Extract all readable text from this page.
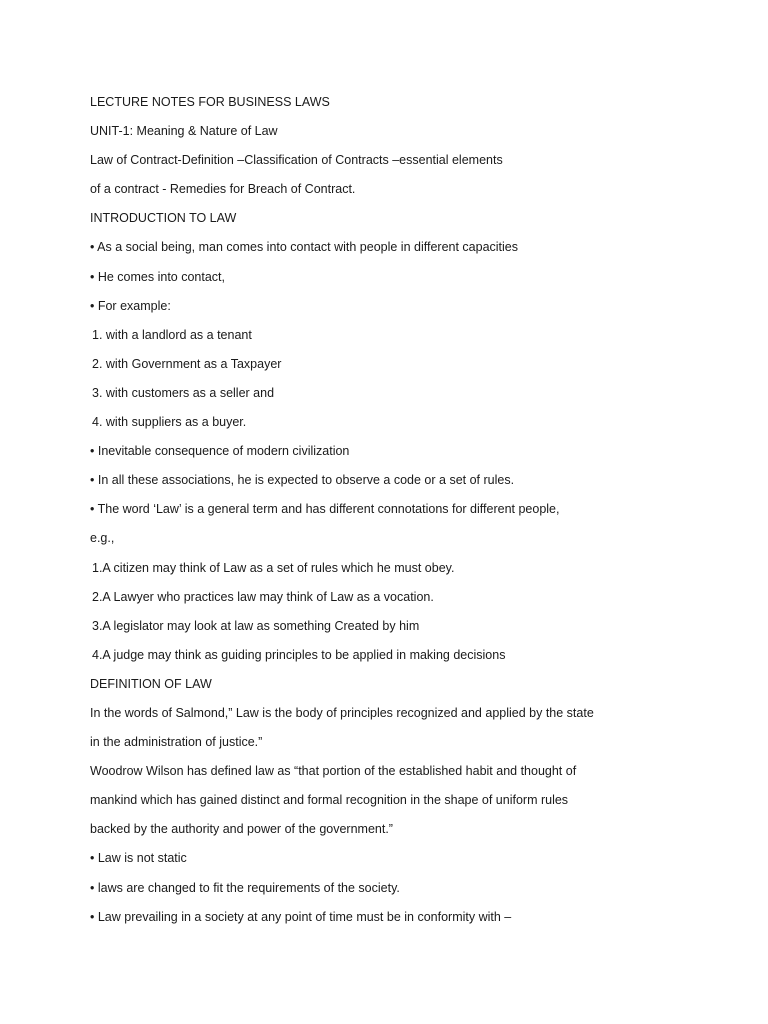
LECTURE NOTES FOR BUSINESS LAWS

UNIT-1: Meaning & Nature of Law

Law of Contract-Definition –Classification of Contracts –essential elements

of a contract - Remedies for Breach of Contract.

INTRODUCTION TO LAW

• As a social being, man comes into contact with people in different capacities

• He comes into contact,

• For example:

1. with a landlord as a tenant

2. with Government as a Taxpayer

3. with customers as a seller and

4. with suppliers as a buyer.

• Inevitable consequence of modern civilization

• In all these associations, he is expected to observe a code or a set of rules.

• The word ‘Law’ is a general term and has different connotations for different people,

e.g.,

1.A citizen may think of Law as a set of rules which he must obey.

2.A Lawyer who practices law may think of Law as a vocation.

3.A legislator may look at law as something Created by him

4.A judge may think as guiding principles to be applied in making decisions

DEFINITION OF LAW

In the words of Salmond,” Law is the body of principles recognized and applied by the state

in the administration of justice.”

Woodrow Wilson has defined law as “that portion of the established habit and thought of

mankind which has gained distinct and formal recognition in the shape of uniform rules

backed by the authority and power of the government.”

• Law is not static

• laws are changed to fit the requirements of the society.

• Law prevailing in a society at any point of time must be in conformity with –
